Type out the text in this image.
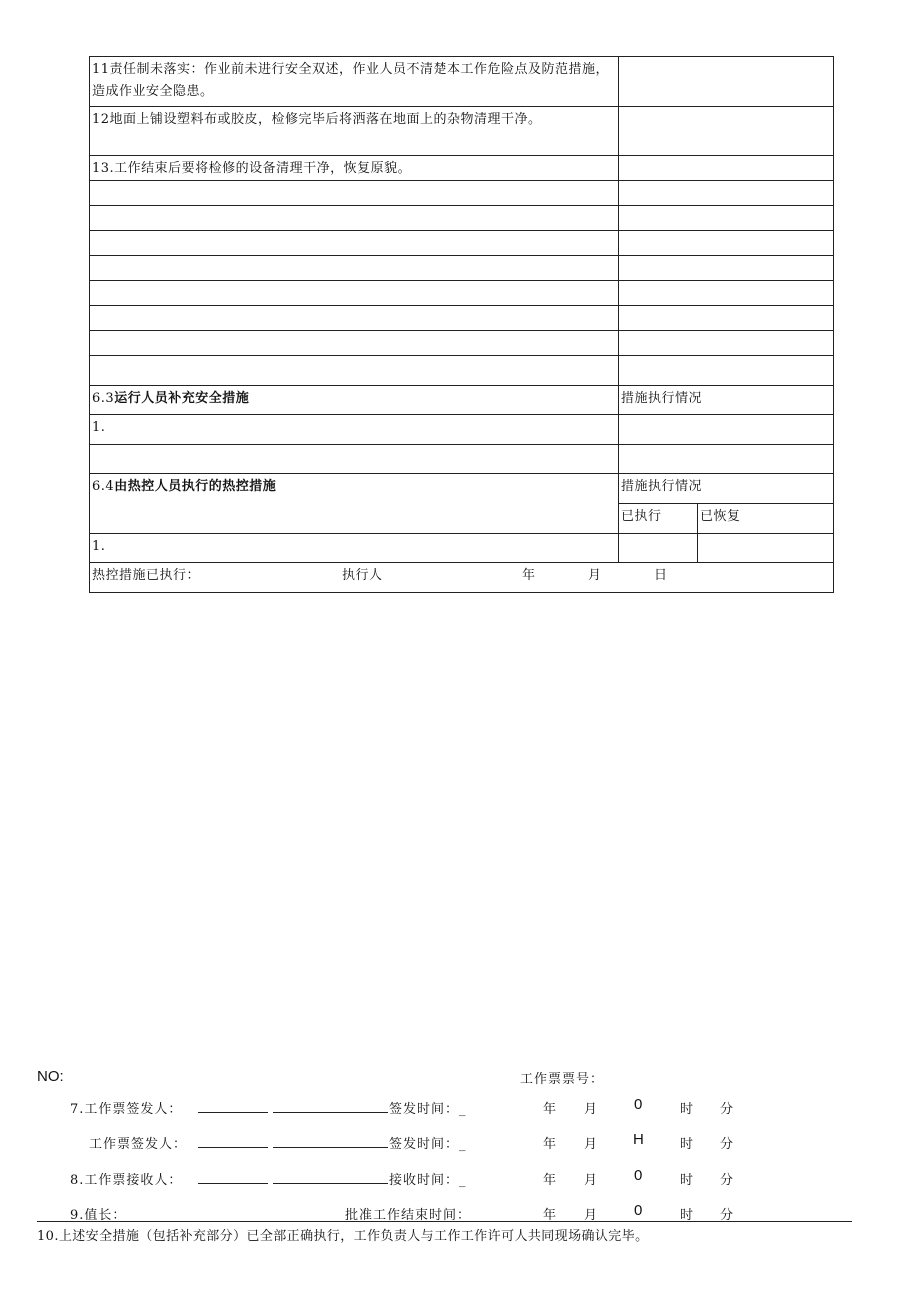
11责任制未落实：作业前未进行安全双述，作业人员不清楚本工作危险点及防范措施，造成作业安全隐患。		
12地面上铺设塑料布或胶皮，检修完毕后将洒落在地面上的杂物清理干净。		
13.工作结束后要将检修的设备清理干净，恢复原貌。		

6.3运行人员补充安全措施	措施执行情况	
1.		

6.4由热控人员执行的热控措施	措施执行情况	
	已执行	已恢复
1.		
热控措施已执行： 执行人 年 月 日		
NO:	工作票票号：
7.工作票签发人：	签发时间：_	年 月 0	时 分
工作票签发人：	签发时间：_	年 月 H	时 分
8.工作票接收人：	接收时间：_	年 月 0	时 分
9.值长：	批准工作结束时间：	年 月 0	时 分
10.上述安全措施（包括补充部分）已全部正确执行，工作负责人与工作工作许可人共同现场确认完毕。
